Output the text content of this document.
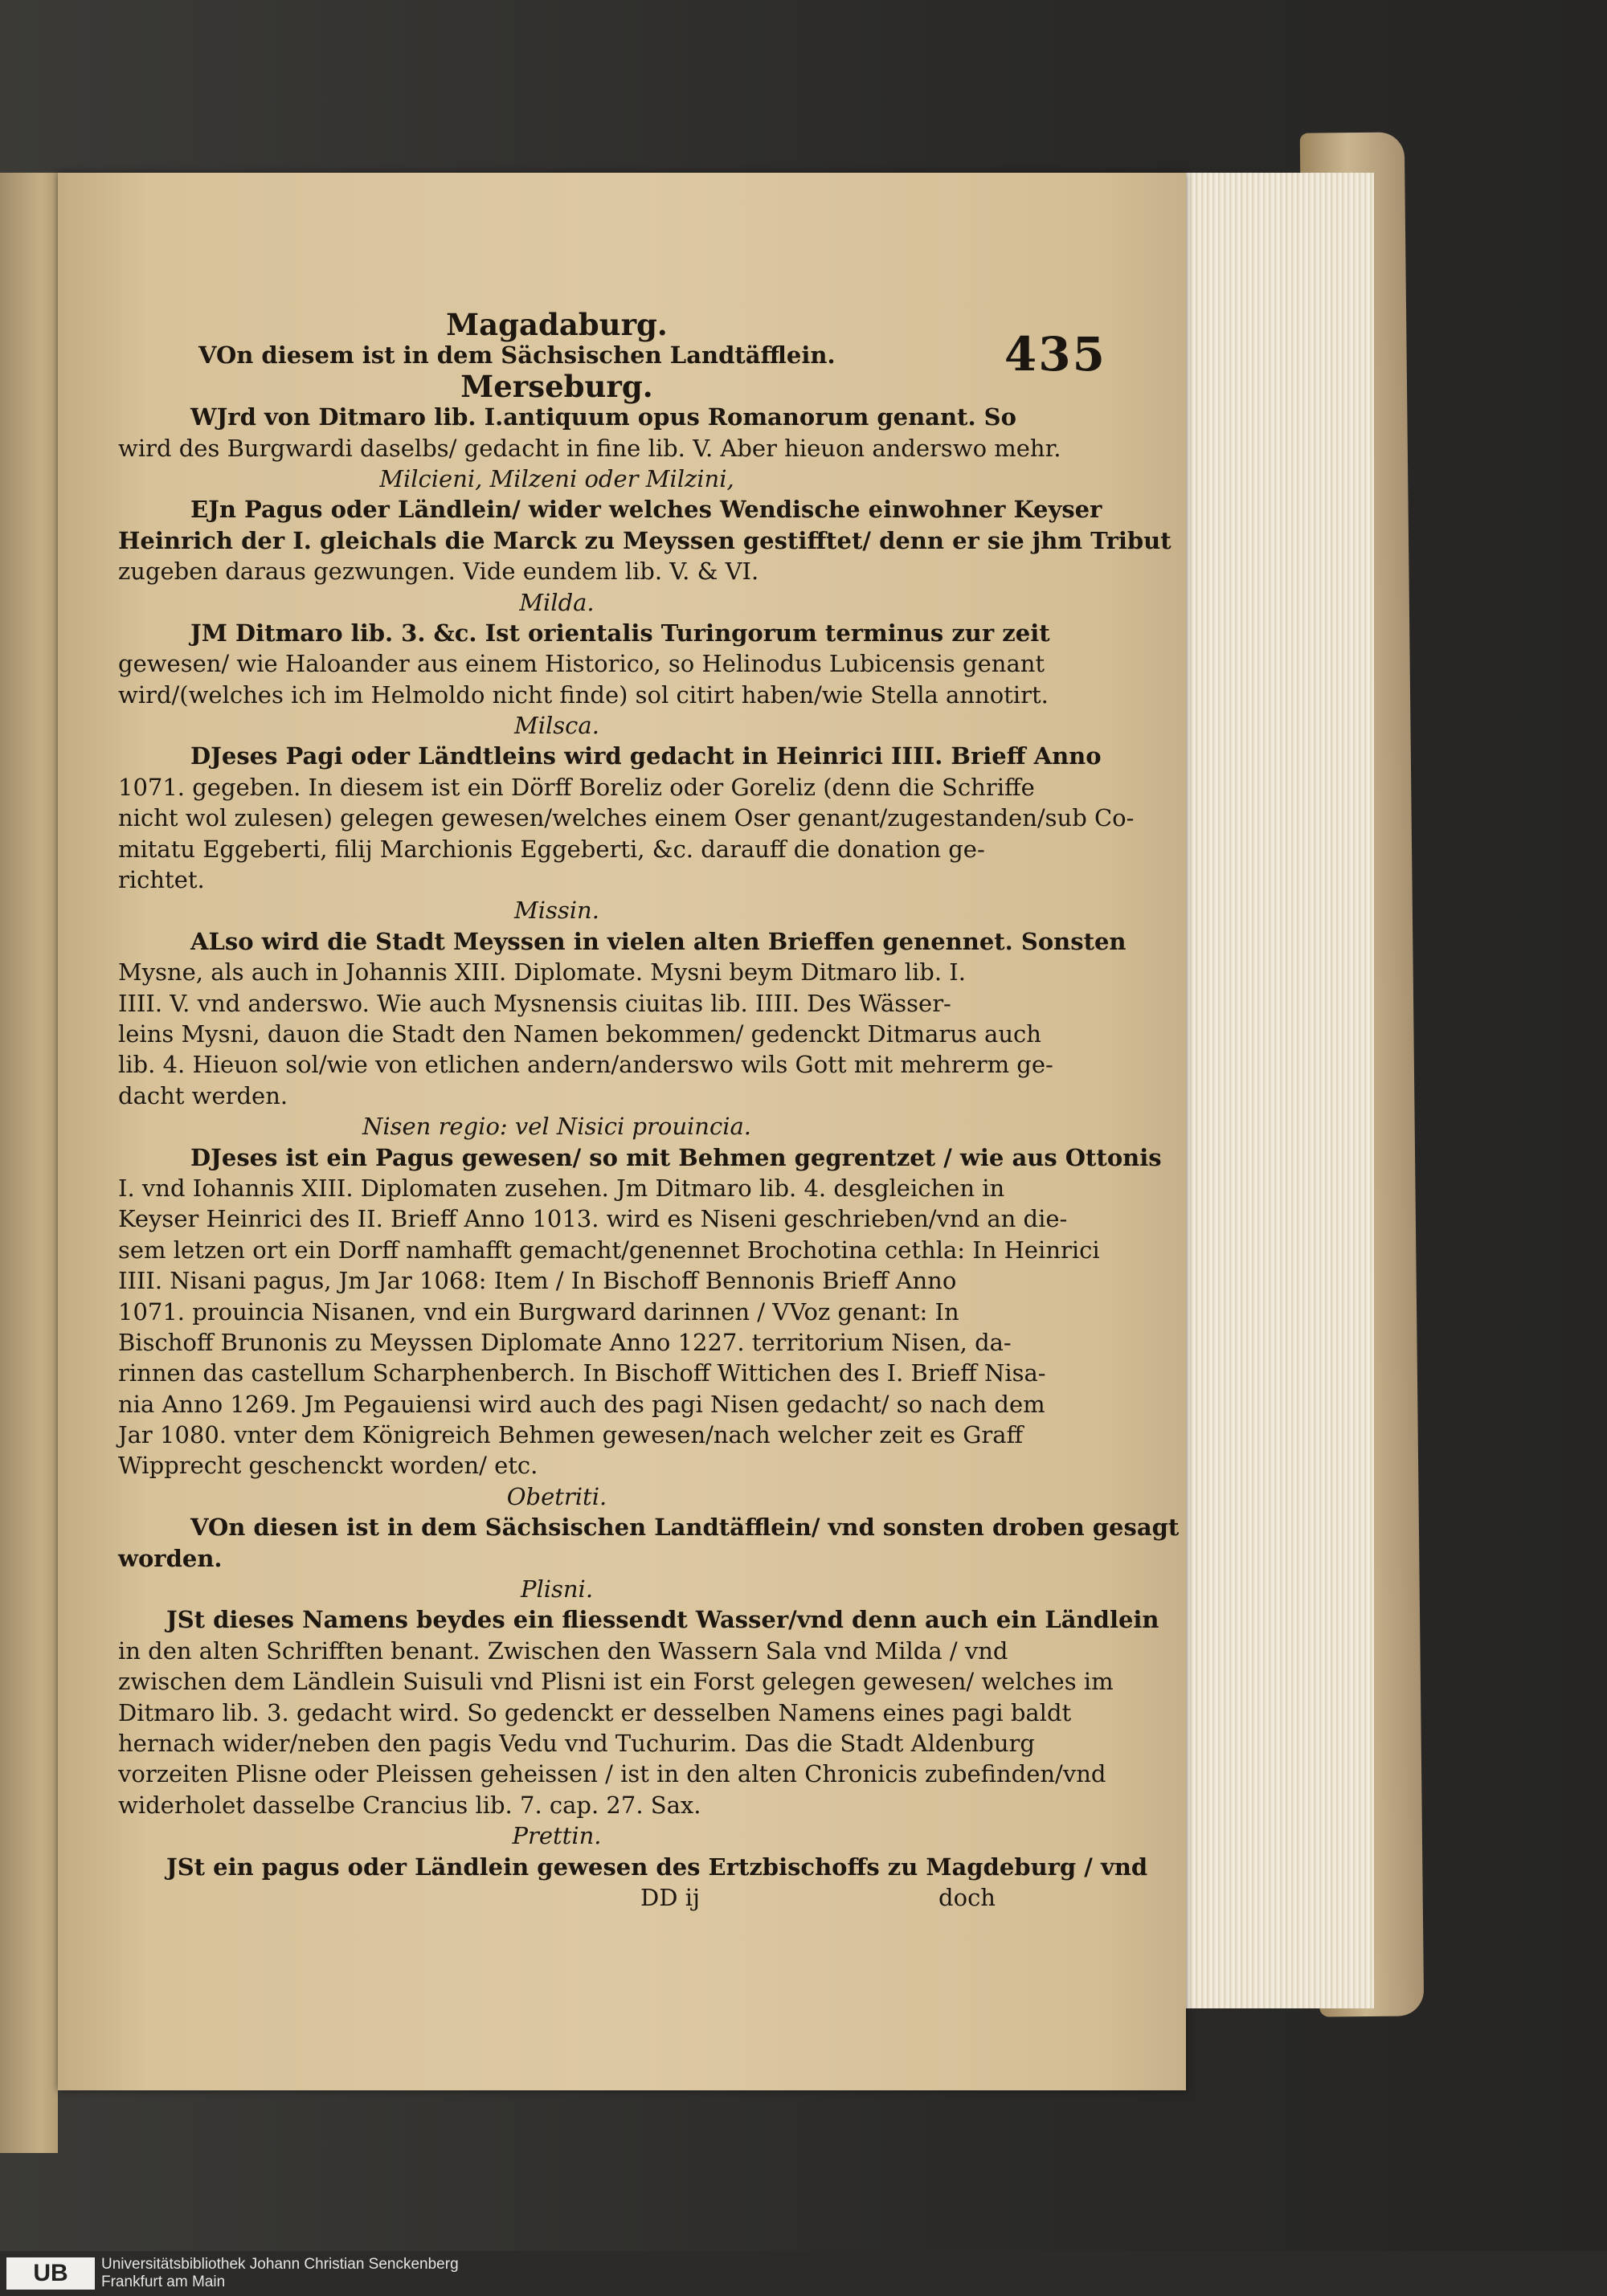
435
Magadaburg.
VOn diesem ist in dem Sächsischen Landtäfflein.
Merseburg.
WJrd von Ditmaro lib. I.antiquum opus Romanorum genant. So
wird des Burgwardi daselbs/ gedacht in fine lib. V. Aber hieuon anderswo mehr.
Milcieni, Milzeni oder Milzini,
EJn Pagus oder Ländlein/ wider welches Wendische einwohner Keyser
Heinrich der I. gleichals die Marck zu Meyssen gestifftet/ denn er sie jhm Tribut
zugeben daraus gezwungen. Vide eundem lib. V. & VI.
Milda.
JM Ditmaro lib. 3. &c. Ist orientalis Turingorum terminus zur zeit
gewesen/ wie Haloander aus einem Historico, so Helinodus Lubicensis genant
wird/(welches ich im Helmoldo nicht finde) sol citirt haben/wie Stella annotirt.
Milsca.
DJeses Pagi oder Ländtleins wird gedacht in Heinrici IIII. Brieff Anno
1071. gegeben. In diesem ist ein Dörff Boreliz oder Goreliz (denn die Schriffe
nicht wol zulesen) gelegen gewesen/welches einem Oser genant/zugestanden/sub Co-
mitatu Eggeberti, filij Marchionis Eggeberti, &c. darauff die donation ge-
richtet.
Missin.
ALso wird die Stadt Meyssen in vielen alten Brieffen genennet. Sonsten
Mysne, als auch in Johannis XIII. Diplomate. Mysni beym Ditmaro lib. I.
IIII. V. vnd anderswo. Wie auch Mysnensis ciuitas lib. IIII. Des Wässer-
leins Mysni, dauon die Stadt den Namen bekommen/ gedenckt Ditmarus auch
lib. 4. Hieuon sol/wie von etlichen andern/anderswo wils Gott mit mehrerm ge-
dacht werden.
Nisen regio: vel Nisici prouincia.
DJeses ist ein Pagus gewesen/ so mit Behmen gegrentzet / wie aus Ottonis
I. vnd Iohannis XIII. Diplomaten zusehen. Jm Ditmaro lib. 4. desgleichen in
Keyser Heinrici des II. Brieff Anno 1013. wird es Niseni geschrieben/vnd an die-
sem letzen ort ein Dorff namhafft gemacht/genennet Brochotina cethla: In Heinrici
IIII. Nisani pagus, Jm Jar 1068: Item / In Bischoff Bennonis Brieff Anno
1071. prouincia Nisanen, vnd ein Burgward darinnen / VVoz genant: In
Bischoff Brunonis zu Meyssen Diplomate Anno 1227. territorium Nisen, da-
rinnen das castellum Scharphenberch. In Bischoff Wittichen des I. Brieff Nisa-
nia Anno 1269. Jm Pegauiensi wird auch des pagi Nisen gedacht/ so nach dem
Jar 1080. vnter dem Königreich Behmen gewesen/nach welcher zeit es Graff
Wipprecht geschenckt worden/ etc.
Obetriti.
VOn diesen ist in dem Sächsischen Landtäfflein/ vnd sonsten droben gesagt
worden.
Plisni.
JSt dieses Namens beydes ein fliessendt Wasser/vnd denn auch ein Ländlein
in den alten Schrifften benant. Zwischen den Wassern Sala vnd Milda / vnd
zwischen dem Ländlein Suisuli vnd Plisni ist ein Forst gelegen gewesen/ welches im
Ditmaro lib. 3. gedacht wird. So gedenckt er desselben Namens eines pagi baldt
hernach wider/neben den pagis Vedu vnd Tuchurim. Das die Stadt Aldenburg
vorzeiten Plisne oder Pleissen geheissen / ist in den alten Chronicis zubefinden/vnd
widerholet dasselbe Crancius lib. 7. cap. 27. Sax.
Prettin.
JSt ein pagus oder Ländlein gewesen des Ertzbischoffs zu Magdeburg / vnd
DD ij	doch
UB	Universitätsbibliothek Johann Christian Senckenberg
Frankfurt am Main
